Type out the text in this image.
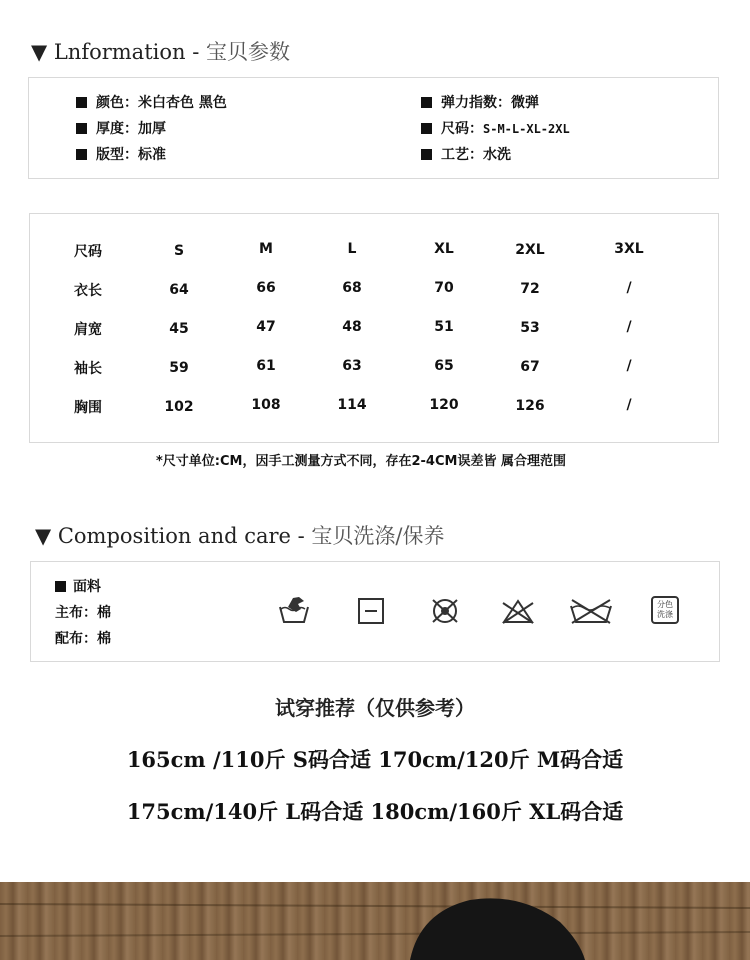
▼ Lnformation - 宝贝参数
颜色：米白杏色 黑色
厚度：加厚
版型：标准
弹力指数：微弹
尺码：S-M-L-XL-2XL
工艺：水洗
尺码	S	M	L	XL	2XL	3XL
衣长	64	66	68	70	72	/
肩宽	45	47	48	51	53	/
袖长	59	61	63	65	67	/
胸围	102	108	114	120	126	/
*尺寸单位:CM，因手工测量方式不同，存在2-4CM误差皆 属合理范围
▼ Composition and care - 宝贝洗涤/保养
面料
主布：棉
配布：棉
分色
洗涤
试穿推荐（仅供参考）
165cm /110斤 S码合适 170cm/120斤 M码合适
175cm/140斤 L码合适 180cm/160斤 XL码合适
